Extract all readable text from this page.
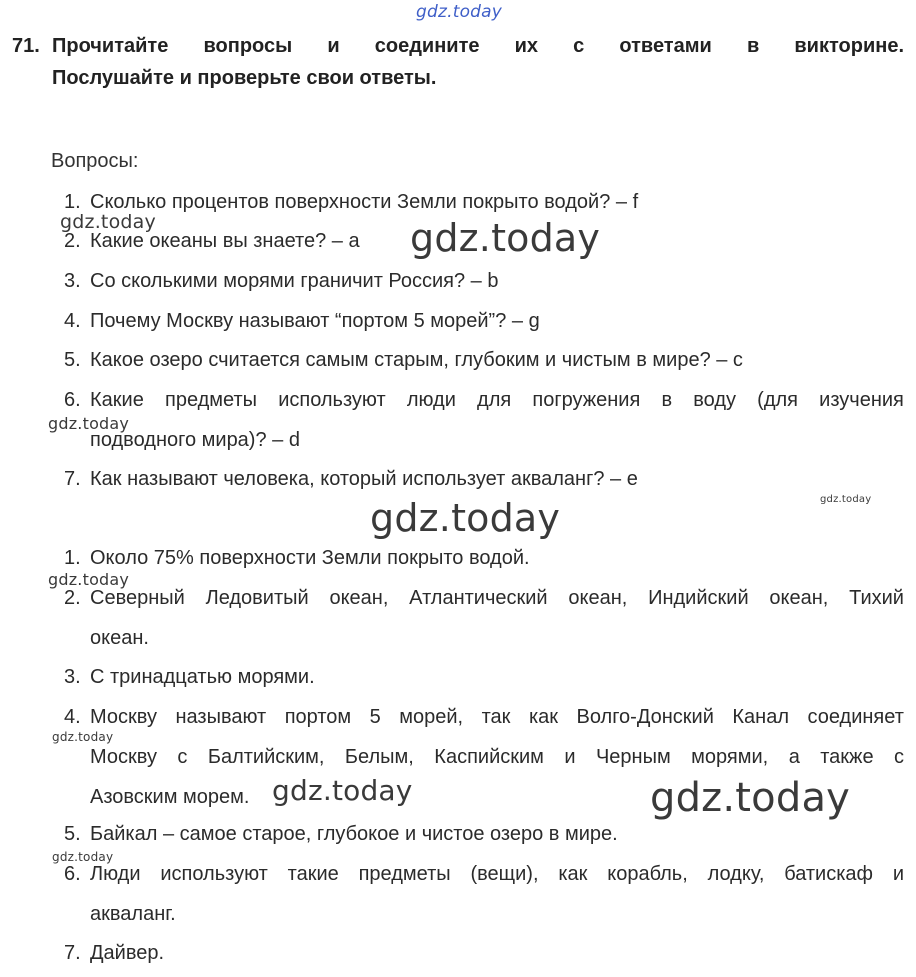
gdz.today
gdz.today	gdz.today
gdz.today
gdz.today
gdz.today
gdz.today
gdz.today
gdz.today	gdz.today
gdz.today
71. Прочитайте вопросы и соедините их с ответами в викторине.
Послушайте и проверьте свои ответы.
Вопросы:
1. Сколько процентов поверхности Земли покрыто водой? – f
2. Какие океаны вы знаете? – a
3. Со сколькими морями граничит Россия? – b
4. Почему Москву называют “портом 5 морей”? – g
5. Какое озеро считается самым старым, глубоким и чистым в мире? – c
6. Какие предметы используют люди для погружения в воду (для изучения
подводного мира)? – d
7. Как называют человека, который использует акваланг? – e
1. Около 75% поверхности Земли покрыто водой.
2. Северный Ледовитый океан, Атлантический океан, Индийский океан, Тихий
океан.
3. С тринадцатью морями.
4. Москву называют портом 5 морей, так как Волго-Донский Канал соединяет
Москву с Балтийским, Белым, Каспийским и Черным морями, а также с
Азовским морем.
5. Байкал – самое старое, глубокое и чистое озеро в мире.
6. Люди используют такие предметы (вещи), как корабль, лодку, батискаф и
акваланг.
7. Дайвер.
